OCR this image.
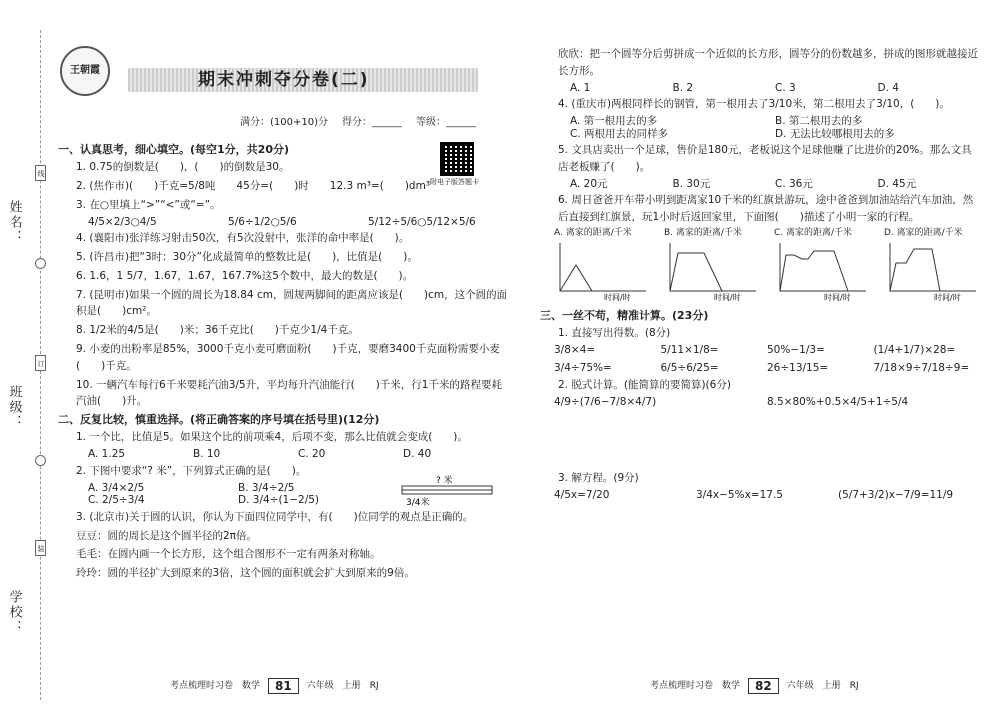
姓名：
班级：
学校：
线
订
装
王朝霞	期末冲刺夺分卷(二)
满分：(100+10)分 得分：______ 等级：______
附电子版答题卡
一、认真思考，细心填空。(每空1分，共20分)
1. 0.75的倒数是(　　)，(　　)的倒数是30。
2. (焦作市)(　　)千克=5/8吨　　45分=(　　)时　　12.3 m³=(　　)dm³
3. 在○里填上“>”“<”或“=”。
4/5×2/3○4/5	5/6÷1/2○5/6	5/12÷5/6○5/12×5/6
4. (襄阳市)张洋练习射击50次，有5次没射中，张洋的命中率是(　　)。
5. (许昌市)把“3时：30分”化成最简单的整数比是(　　)，比值是(　　)。
6. 1.6，1 5/7，1.67，1.67̇，167.7%这5个数中，最大的数是(　　)。
7. (昆明市)如果一个圆的周长为18.84 cm，圆规两脚间的距离应该是(　　)cm，这个圆的面积是(　　)cm²。
8. 1/2米的4/5是(　　)米；36千克比(　　)千克少1/4千克。
9. 小麦的出粉率是85%，3000千克小麦可磨面粉(　　)千克，要磨3400千克面粉需要小麦(　　)千克。
10. 一辆汽车每行6千米要耗汽油3/5升，平均每升汽油能行(　　)千米，行1千米的路程要耗汽油(　　)升。
二、反复比较，慎重选择。(将正确答案的序号填在括号里)(12分)
1. 一个比，比值是5。如果这个比的前项乘4，后项不变，那么比值就会变成(　　)。
A. 1.25	B. 10	C. 20	D. 40
2. 下图中要求“? 米”，下列算式正确的是(　　)。
A. 3/4×2/5	B. 3/4÷2/5
C. 2/5÷3/4	D. 3/4÷(1−2/5)
? 米
3/4米
3. (北京市)关于圆的认识，你认为下面四位同学中，有(　　)位同学的观点是正确的。
豆豆：圆的周长是这个圆半径的2π倍。
毛毛：在圆内画一个长方形，这个组合图形不一定有两条对称轴。
玲玲：圆的半径扩大到原来的3倍，这个圆的面积就会扩大到原来的9倍。
欣欣：把一个圆等分后剪拼成一个近似的长方形，圆等分的份数越多，拼成的图形就越接近长方形。
A. 1	B. 2	C. 3	D. 4
4. (重庆市)两根同样长的钢管，第一根用去了3/10米，第二根用去了3/10，(　　)。
A. 第一根用去的多	B. 第二根用去的多
C. 两根用去的同样多	D. 无法比较哪根用去的多
5. 文具店卖出一个足球，售价是180元，老板说这个足球他赚了比进价的20%。那么文具店老板赚了(　　)。
A. 20元	B. 30元	C. 36元	D. 45元
6. 周日爸爸开车带小明到距离家10千米的红旗景游玩，途中爸爸到加油站给汽车加油，然后直接到红旗景，玩1小时后返回家里，下面图(　　)描述了小明一家的行程。
A. 离家的距离/千米
时间/时
B. 离家的距离/千米
时间/时
C. 离家的距离/千米
时间/时
D. 离家的距离/千米
时间/时
三、一丝不苟，精准计算。(23分)
1. 直接写出得数。(8分)
3/8×4=	5/11×1/8=	50%−1/3=	(1/4+1/7)×28=
3/4÷75%=	6/5÷6/25=	26÷13/15=	7/18×9÷7/18÷9=
2. 脱式计算。(能简算的要简算)(6分)
4/9÷(7/6−7/8×4/7)	8.5×80%+0.5×4/5+1÷5/4
3. 解方程。(9分)
4/5x=7/20	3/4x−5%x=17.5	(5/7+3/2)x−7/9=11/9
考点梳理时习卷　数学	81	六年级　上册　RJ	考点梳理时习卷　数学	82	六年级　上册　RJ
